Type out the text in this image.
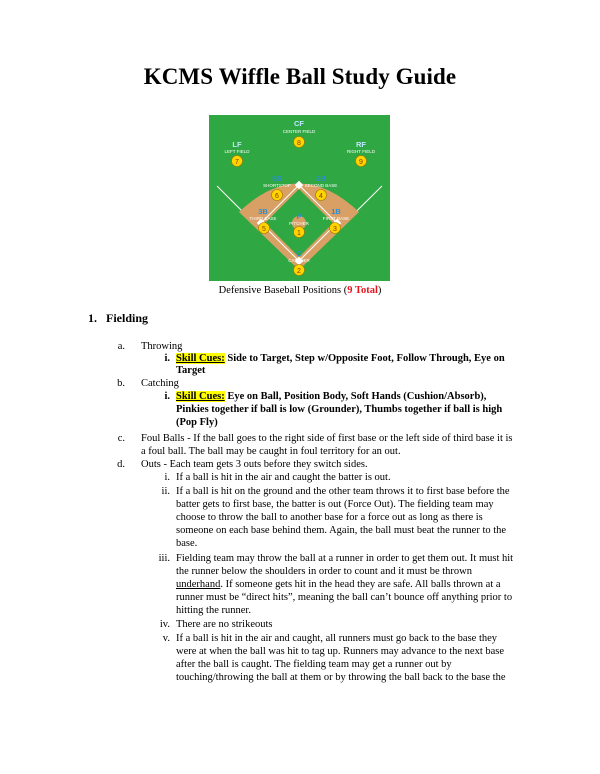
KCMS Wiffle Ball Study Guide
CF
CENTER FIELD
8
LF
LEFT FIELD
7
RF
RIGHT FIELD
9
SS
SHORTSTOP
6
2B
SECOND BASE
4
3B
THIRD BASE
5
P
PITCHER
1
1B
FIRST BASE
3
C
CATCHER
2
Defensive Baseball Positions (9 Total)
1. Fielding
a. Throwing
i. Skill Cues: Side to Target, Step w/Opposite Foot, Follow Through, Eye on
Target
b. Catching
i. Skill Cues: Eye on Ball, Position Body, Soft Hands (Cushion/Absorb),
Pinkies together if ball is low (Grounder), Thumbs together if ball is high
(Pop Fly)
c. Foul Balls - If the ball goes to the right side of first base or the left side of third base it is
a foul ball. The ball may be caught in foul territory for an out.
d. Outs - Each team gets 3 outs before they switch sides.
i. If a ball is hit in the air and caught the batter is out.
ii. If a ball is hit on the ground and the other team throws it to first base before the
batter gets to first base, the batter is out (Force Out). The fielding team may
choose to throw the ball to another base for a force out as long as there is
someone on each base behind them. Again, the ball must beat the runner to the
base.
iii. Fielding team may throw the ball at a runner in order to get them out. It must hit
the runner below the shoulders in order to count and it must be thrown
underhand. If someone gets hit in the head they are safe. All balls thrown at a
runner must be “direct hits”, meaning the ball can’t bounce off anything prior to
hitting the runner.
iv. There are no strikeouts
v. If a ball is hit in the air and caught, all runners must go back to the base they
were at when the ball was hit to tag up. Runners may advance to the next base
after the ball is caught. The fielding team may get a runner out by
touching/throwing the ball at them or by throwing the ball back to the base the
